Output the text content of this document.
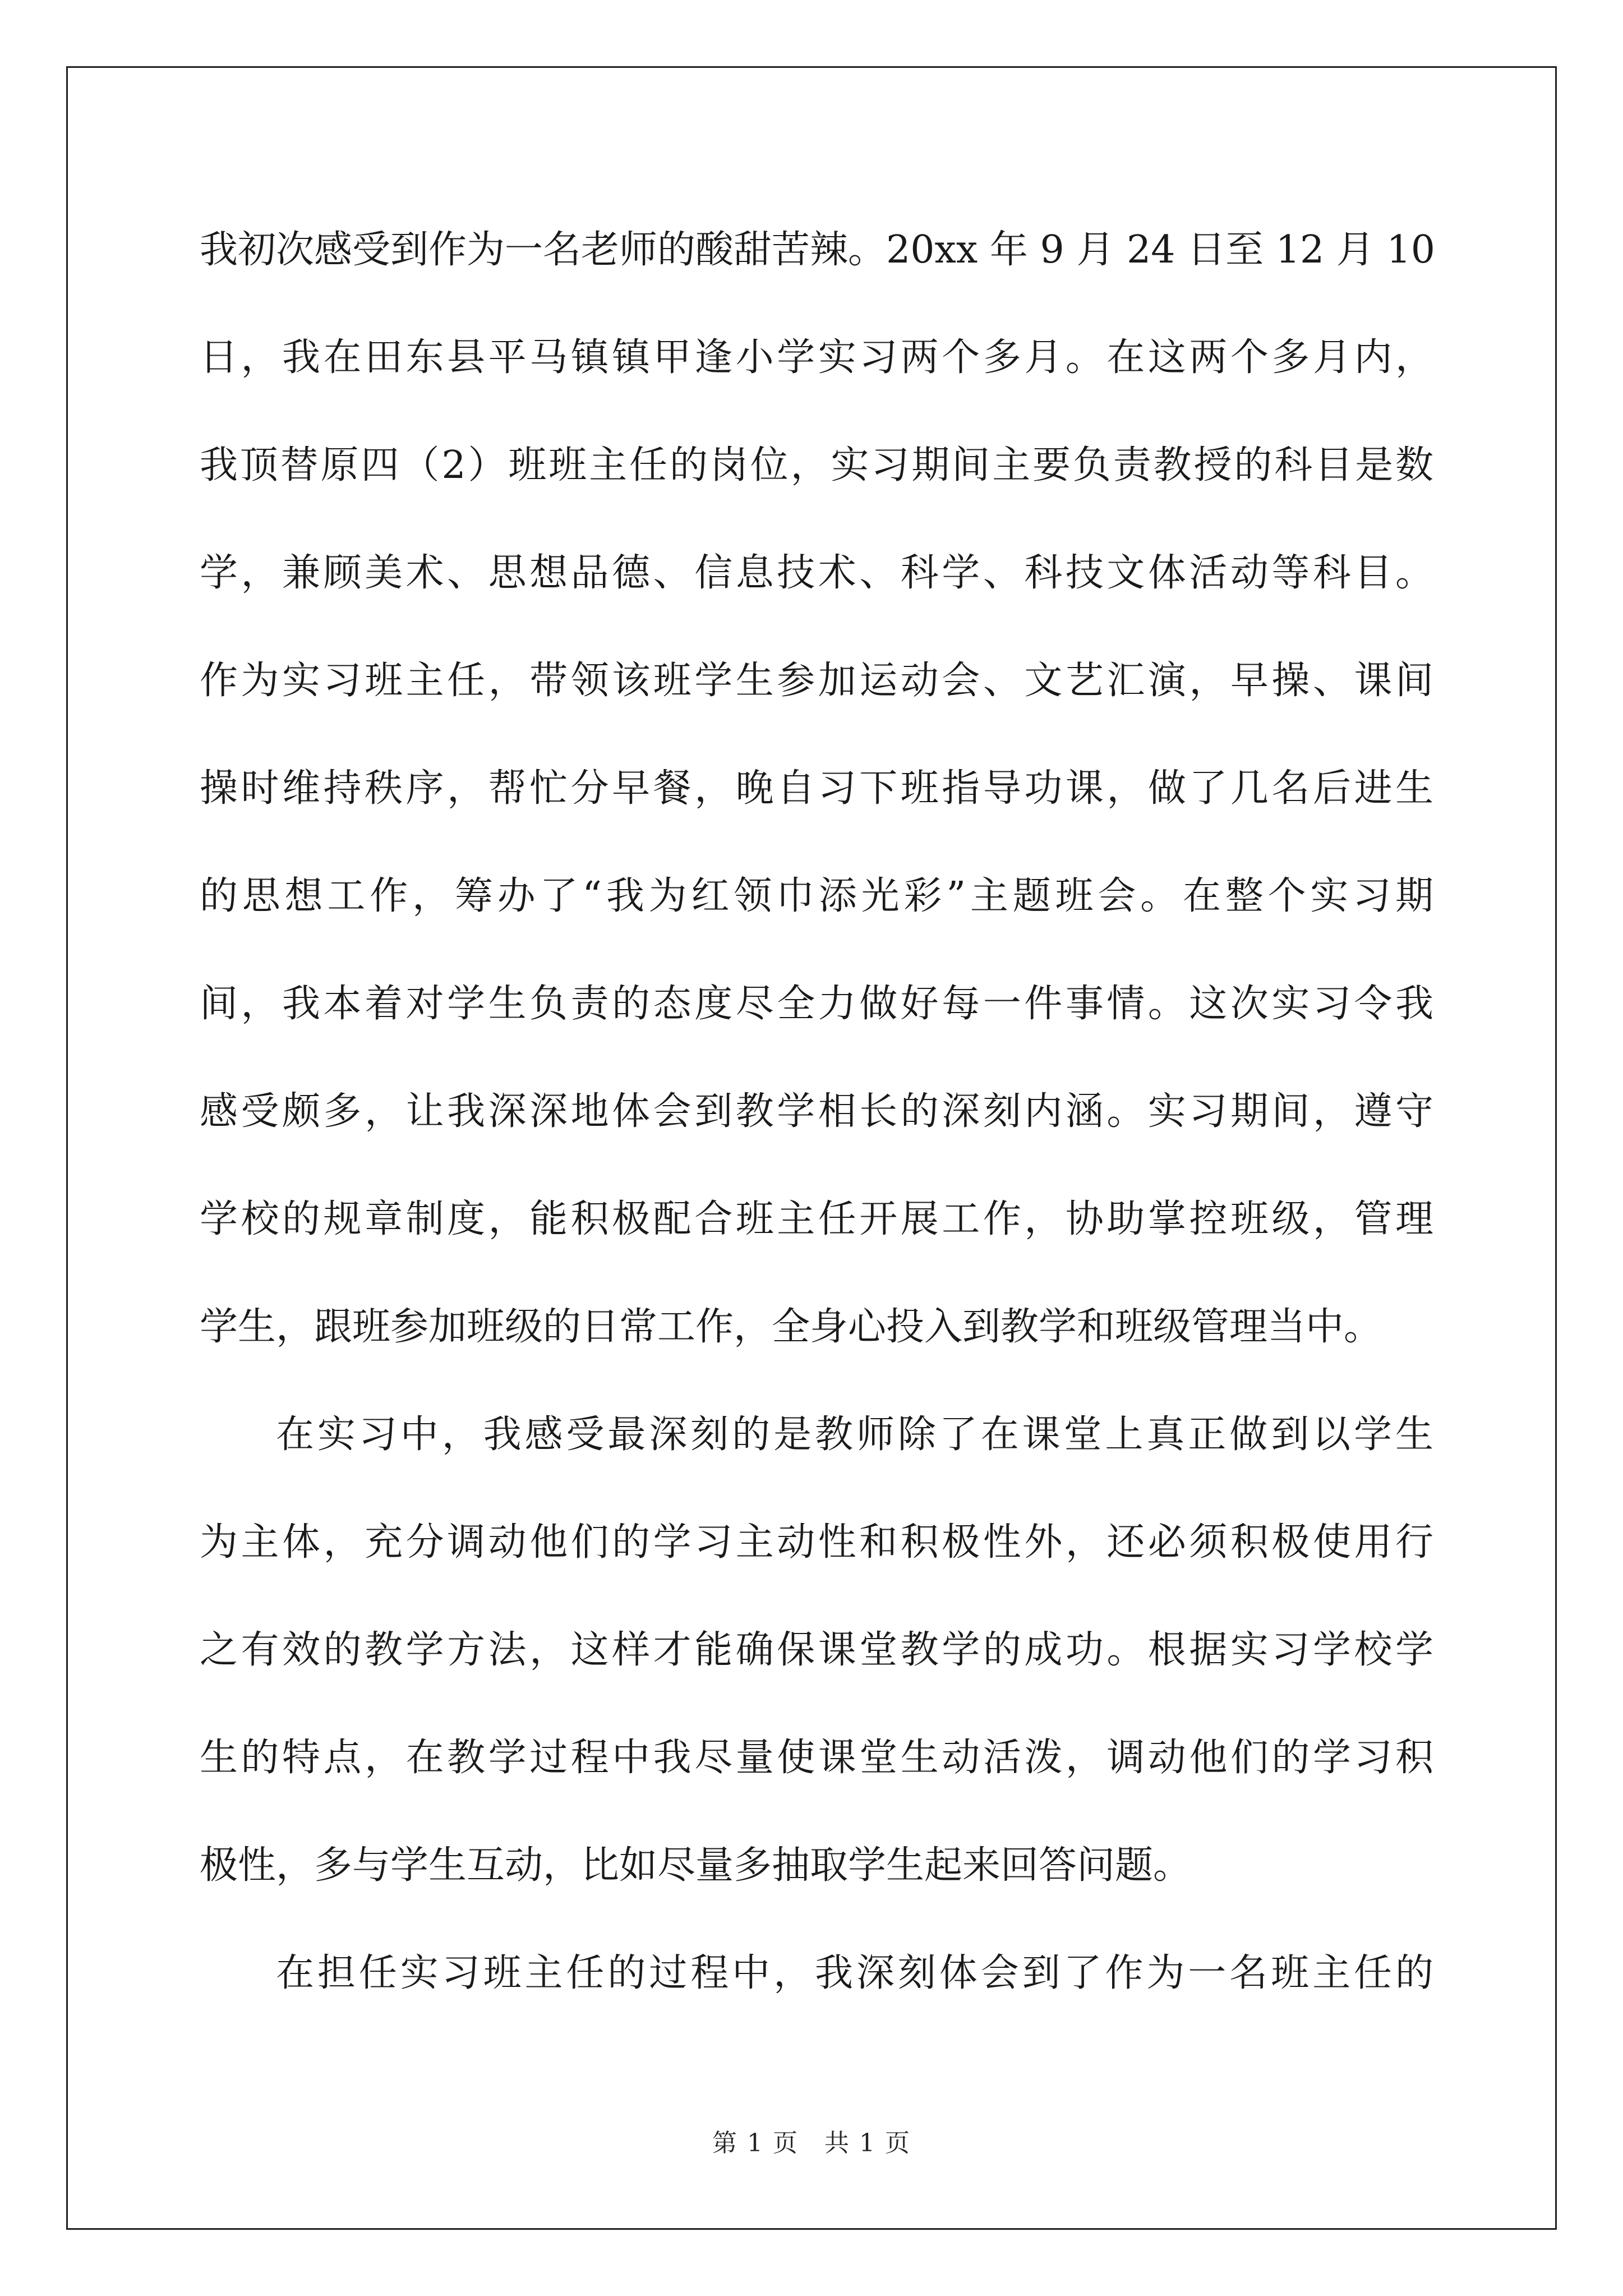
我初次感受到作为一名老师的酸甜苦辣。20xx 年 9 月 24 日至 12 月 10
日，我在田东县平马镇镇甲逢小学实习两个多月。在这两个多月内，
我顶替原四（2）班班主任的岗位，实习期间主要负责教授的科目是数
学，兼顾美术、思想品德、信息技术、科学、科技文体活动等科目。
作为实习班主任，带领该班学生参加运动会、文艺汇演，早操、课间
操时维持秩序，帮忙分早餐，晚自习下班指导功课，做了几名后进生
的思想工作，筹办了“我为红领巾添光彩”主题班会。在整个实习期
间，我本着对学生负责的态度尽全力做好每一件事情。这次实习令我
感受颇多，让我深深地体会到教学相长的深刻内涵。实习期间，遵守
学校的规章制度，能积极配合班主任开展工作，协助掌控班级，管理
学生，跟班参加班级的日常工作，全身心投入到教学和班级管理当中。
在实习中，我感受最深刻的是教师除了在课堂上真正做到以学生
为主体，充分调动他们的学习主动性和积极性外，还必须积极使用行
之有效的教学方法，这样才能确保课堂教学的成功。根据实习学校学
生的特点，在教学过程中我尽量使课堂生动活泼，调动他们的学习积
极性，多与学生互动，比如尽量多抽取学生起来回答问题。
在担任实习班主任的过程中，我深刻体会到了作为一名班主任的
第 1 页　共 1 页
